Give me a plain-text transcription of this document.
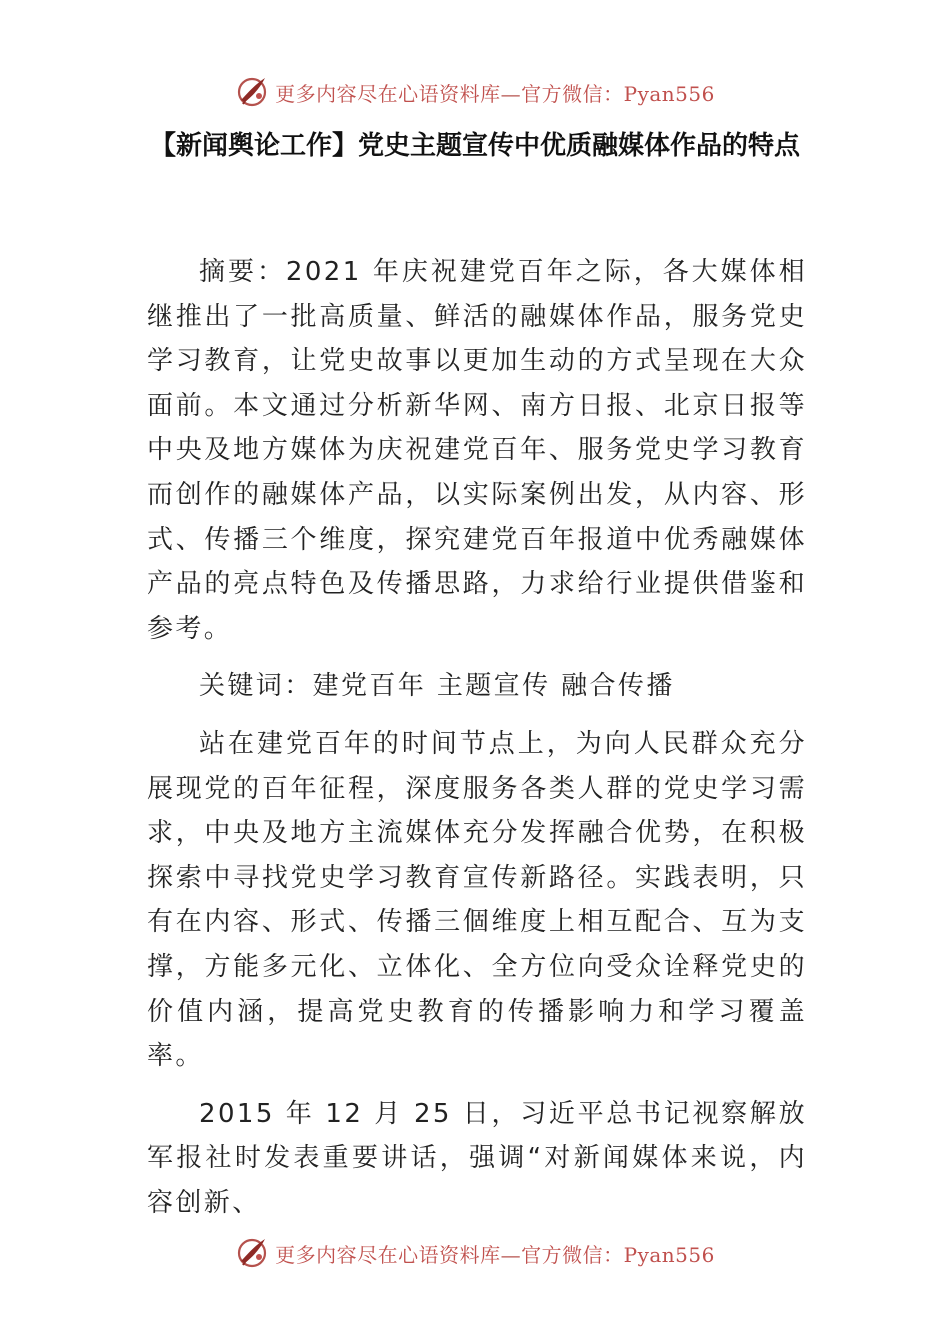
更多内容尽在心语资料库—官方微信：Pyan556
【新闻舆论工作】党史主题宣传中优质融媒体作品的特点

摘要：2021 年庆祝建党百年之际，各大媒体相继推出了一批高质量、鲜活的融媒体作品，服务党史学习教育，让党史故事以更加生动的方式呈现在大众面前。本文通过分析新华网、南方日报、北京日报等中央及地方媒体为庆祝建党百年、服务党史学习教育而创作的融媒体产品，以实际案例出发，从内容、形式、传播三个维度，探究建党百年报道中优秀融媒体产品的亮点特色及传播思路，力求给行业提供借鉴和参考。

关键词：建党百年 主题宣传 融合传播

站在建党百年的时间节点上，为向人民群众充分展现党的百年征程，深度服务各类人群的党史学习需求，中央及地方主流媒体充分发挥融合优势，在积极探索中寻找党史学习教育宣传新路径。实践表明，只有在内容、形式、传播三個维度上相互配合、互为支撑，方能多元化、立体化、全方位向受众诠释党史的价值内涵，提高党史教育的传播影响力和学习覆盖率。

2015 年 12 月 25 日，习近平总书记视察解放军报社时发表重要讲话，强调“对新闻媒体来说，内容创新、

更多内容尽在心语资料库—官方微信：Pyan556
